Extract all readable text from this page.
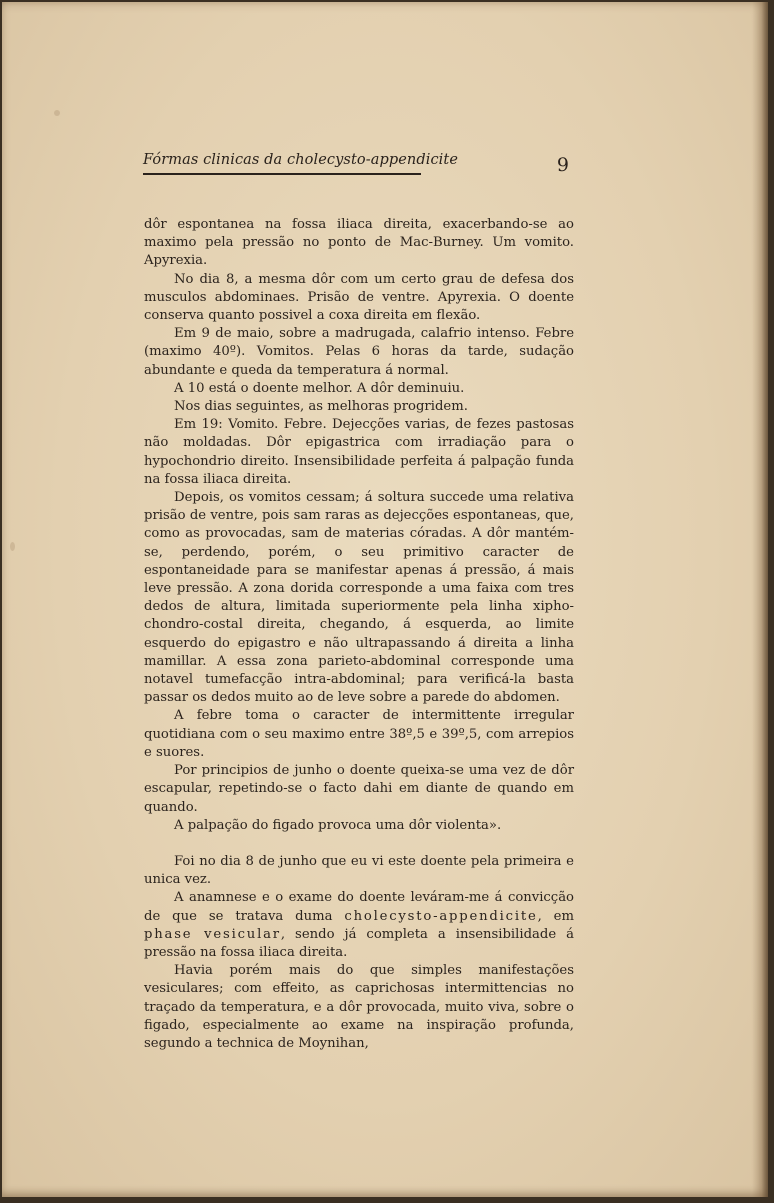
Fórmas clinicas da cholecysto-appendicite	9

dôr espontanea na fossa iliaca direita, exacerbando-se ao maximo pela pressão no ponto de Mac-Burney. Um vomito. Apyrexia.

No dia 8, a mesma dôr com um certo grau de defesa dos musculos abdominaes. Prisão de ventre. Apyrexia. O doente conserva quanto possivel a coxa direita em flexão.

Em 9 de maio, sobre a madrugada, calafrio intenso. Febre (maximo 40º). Vomitos. Pelas 6 horas da tarde, sudação abundante e queda da temperatura á normal.

A 10 está o doente melhor. A dôr deminuiu.

Nos dias seguintes, as melhoras progridem.

Em 19: Vomito. Febre. Dejecções varias, de fezes pastosas não moldadas. Dôr epigastrica com irradiação para o hypochondrio direito. Insensibilidade perfeita á palpação funda na fossa iliaca direita.

Depois, os vomitos cessam; á soltura succede uma relativa prisão de ventre, pois sam raras as dejecções espontaneas, que, como as provocadas, sam de materias córadas. A dôr mantém-se, perdendo, porém, o seu primitivo caracter de espontaneidade para se manifestar apenas á pressão, á mais leve pressão. A zona dorida corresponde a uma faixa com tres dedos de altura, limitada superiormente pela linha xipho-chondro-costal direita, chegando, á esquerda, ao limite esquerdo do epigastro e não ultrapassando á direita a linha mamillar. A essa zona parieto-abdominal corresponde uma notavel tumefacção intra-abdominal; para verificá-la basta passar os dedos muito ao de leve sobre a parede do abdomen.

A febre toma o caracter de intermittente irregular quotidiana com o seu maximo entre 38º,5 e 39º,5, com arrepios e suores.

Por principios de junho o doente queixa-se uma vez de dôr escapular, repetindo-se o facto dahi em diante de quando em quando.

A palpação do figado provoca uma dôr violenta».

Foi no dia 8 de junho que eu vi este doente pela primeira e unica vez.

A anamnese e o exame do doente leváram-me á convicção de que se tratava duma cholecysto-appendicite, em phase vesicular, sendo já completa a insensibilidade á pressão na fossa iliaca direita.

Havia porém mais do que simples manifestações vesiculares; com effeito, as caprichosas intermittencias no traçado da temperatura, e a dôr provocada, muito viva, sobre o figado, especialmente ao exame na inspiração profunda, segundo a technica de Moynihan,
